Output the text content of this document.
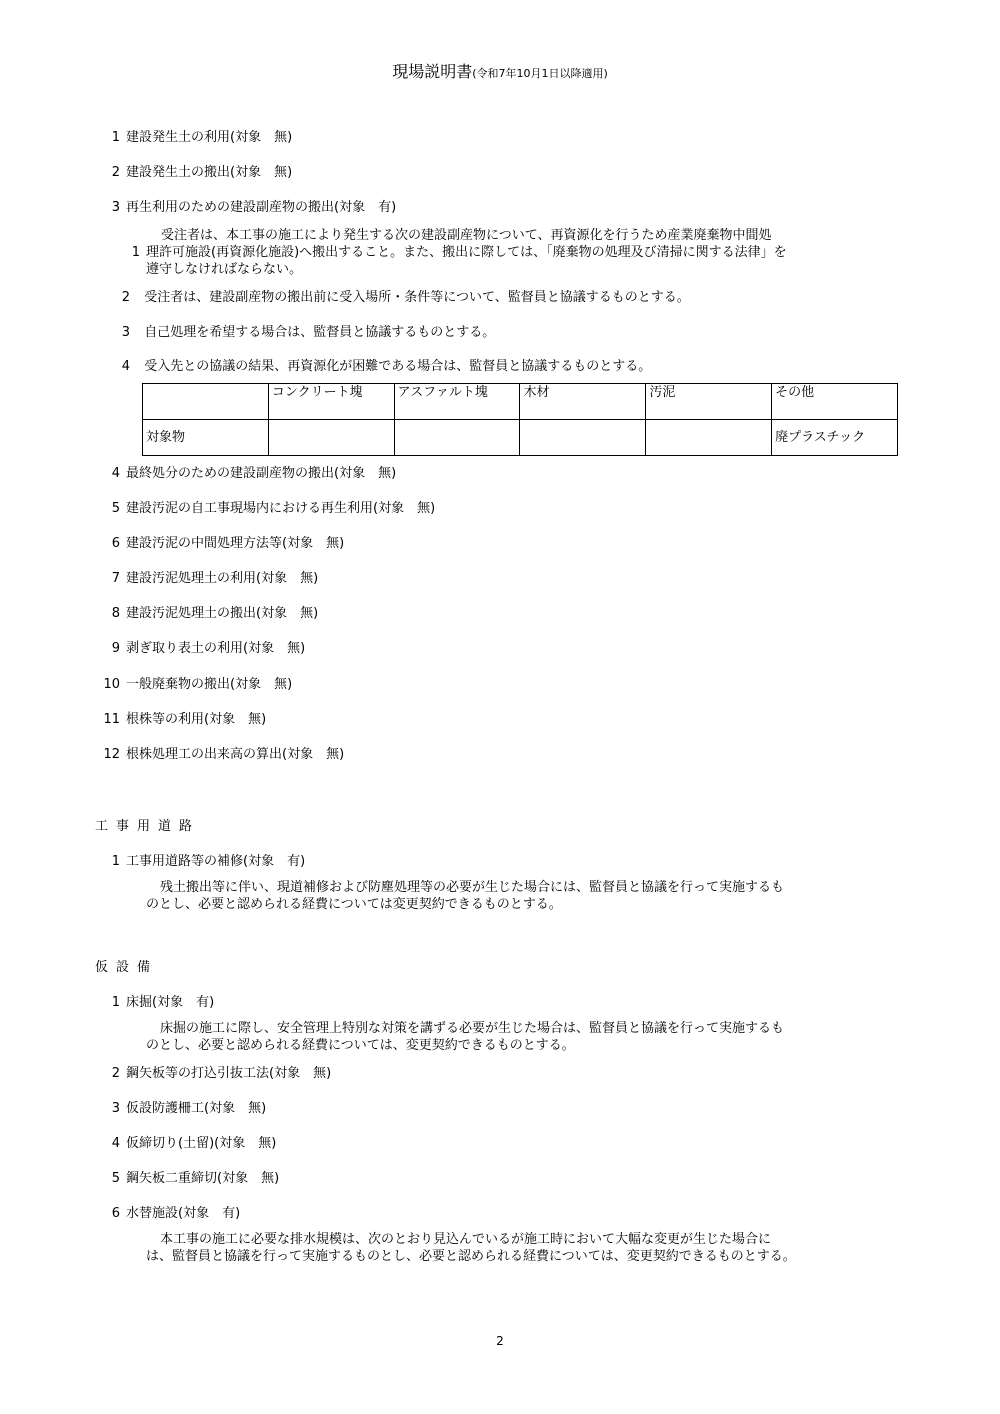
現場説明書(令和7年10月1日以降適用)
1 建設発生土の利用(対象　無)
2 建設発生土の搬出(対象　無)
3 再生利用のための建設副産物の搬出(対象　有)
　受注者は、本工事の施工により発生する次の建設副産物について、再資源化を行うため産業廃棄物中間処
1 理許可施設(再資源化施設)へ搬出すること。また、搬出に際しては、「廃棄物の処理及び清掃に関する法律」を
遵守しなければならない。
2 受注者は、建設副産物の搬出前に受入場所・条件等について、監督員と協議するものとする。
3 自己処理を希望する場合は、監督員と協議するものとする。
4 受入先との協議の結果、再資源化が困難である場合は、監督員と協議するものとする。
	コンクリート塊	アスファルト塊	木材	汚泥	その他
対象物					廃プラスチック
4 最終処分のための建設副産物の搬出(対象　無)
5 建設汚泥の自工事現場内における再生利用(対象　無)
6 建設汚泥の中間処理方法等(対象　無)
7 建設汚泥処理土の利用(対象　無)
8 建設汚泥処理土の搬出(対象　無)
9 剥ぎ取り表土の利用(対象　無)
10 一般廃棄物の搬出(対象　無)
11 根株等の利用(対象　無)
12 根株処理工の出来高の算出(対象　無)
工事用道路
1 工事用道路等の補修(対象　有)
残土搬出等に伴い、現道補修および防塵処理等の必要が生じた場合には、監督員と協議を行って実施するも
のとし、必要と認められる経費については変更契約できるものとする。
仮設備
1 床掘(対象　有)
床掘の施工に際し、安全管理上特別な対策を講ずる必要が生じた場合は、監督員と協議を行って実施するも
のとし、必要と認められる経費については、変更契約できるものとする。
2 鋼矢板等の打込引抜工法(対象　無)
3 仮設防護柵工(対象　無)
4 仮締切り(土留)(対象　無)
5 鋼矢板二重締切(対象　無)
6 水替施設(対象　有)
本工事の施工に必要な排水規模は、次のとおり見込んでいるが施工時において大幅な変更が生じた場合に
は、監督員と協議を行って実施するものとし、必要と認められる経費については、変更契約できるものとする。
2
